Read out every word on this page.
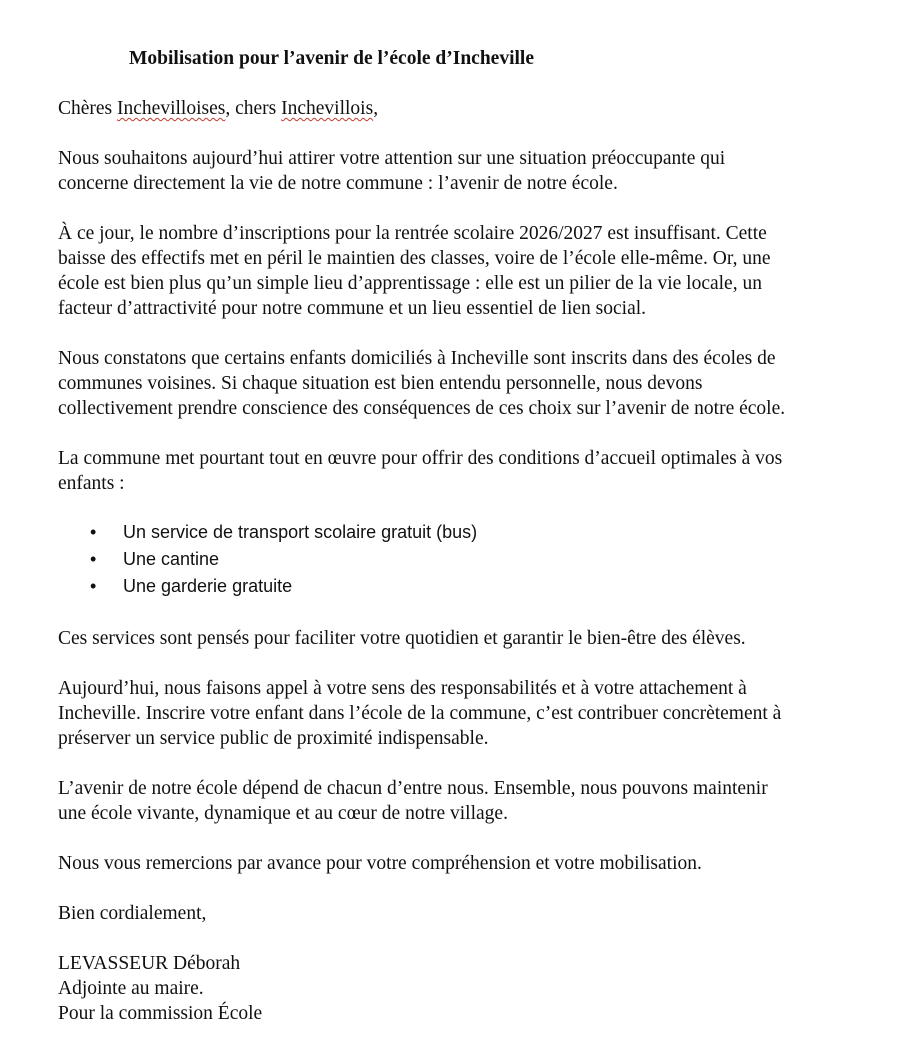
Mobilisation pour l’avenir de l’école d’Incheville
Chères Inchevilloises, chers Inchevillois,
Nous souhaitons aujourd’hui attirer votre attention sur une situation préoccupante qui
concerne directement la vie de notre commune : l’avenir de notre école.
À ce jour, le nombre d’inscriptions pour la rentrée scolaire 2026/2027 est insuffisant. Cette
baisse des effectifs met en péril le maintien des classes, voire de l’école elle-même. Or, une
école est bien plus qu’un simple lieu d’apprentissage : elle est un pilier de la vie locale, un
facteur d’attractivité pour notre commune et un lieu essentiel de lien social.
Nous constatons que certains enfants domiciliés à Incheville sont inscrits dans des écoles de
communes voisines. Si chaque situation est bien entendu personnelle, nous devons
collectivement prendre conscience des conséquences de ces choix sur l’avenir de notre école.
La commune met pourtant tout en œuvre pour offrir des conditions d’accueil optimales à vos
enfants :
• Un service de transport scolaire gratuit (bus)
• Une cantine
• Une garderie gratuite
Ces services sont pensés pour faciliter votre quotidien et garantir le bien-être des élèves.
Aujourd’hui, nous faisons appel à votre sens des responsabilités et à votre attachement à
Incheville. Inscrire votre enfant dans l’école de la commune, c’est contribuer concrètement à
préserver un service public de proximité indispensable.
L’avenir de notre école dépend de chacun d’entre nous. Ensemble, nous pouvons maintenir
une école vivante, dynamique et au cœur de notre village.
Nous vous remercions par avance pour votre compréhension et votre mobilisation.
Bien cordialement,
LEVASSEUR Déborah
Adjointe au maire.
Pour la commission École
